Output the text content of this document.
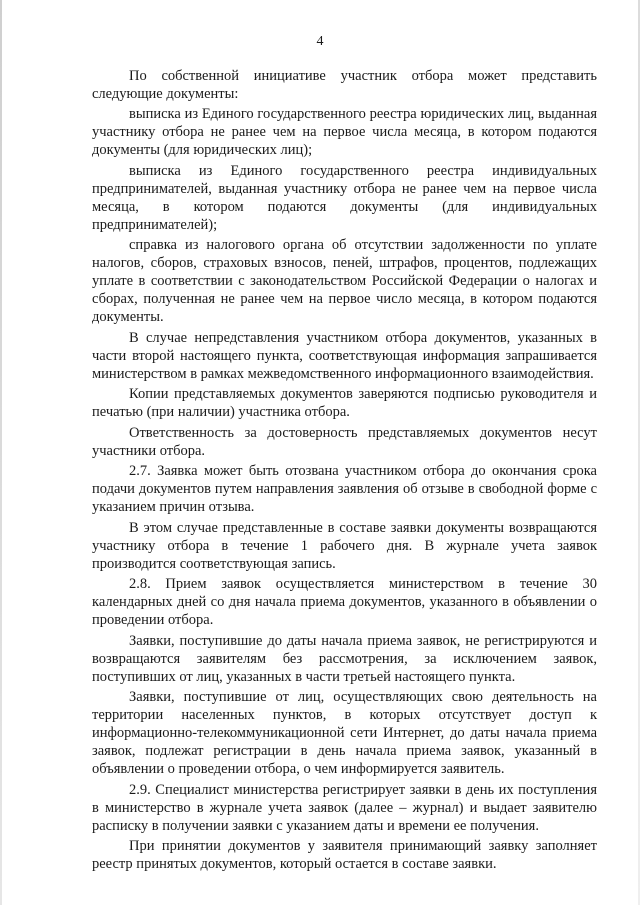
4

По собственной инициативе участник отбора может представить следующие документы:

выписка из Единого государственного реестра юридических лиц, выданная участнику отбора не ранее чем на первое числа месяца, в котором подаются документы (для юридических лиц);

выписка из Единого государственного реестра индивидуальных предпринимателей, выданная участнику отбора не ранее чем на первое числа месяца, в котором подаются документы (для индивидуальных предпринимателей);

справка из налогового органа об отсутствии задолженности по уплате налогов, сборов, страховых взносов, пеней, штрафов, процентов, подлежащих уплате в соответствии с законодательством Российской Федерации о налогах и сборах, полученная не ранее чем на первое число месяца, в котором подаются документы.

В случае непредставления участником отбора документов, указанных в части второй настоящего пункта, соответствующая информация запрашивается министерством в рамках межведомственного информационного взаимодействия.

Копии представляемых документов заверяются подписью руководителя и печатью (при наличии) участника отбора.

Ответственность за достоверность представляемых документов несут участники отбора.

2.7. Заявка может быть отозвана участником отбора до окончания срока подачи документов путем направления заявления об отзыве в свободной форме с указанием причин отзыва.

В этом случае представленные в составе заявки документы возвращаются участнику отбора в течение 1 рабочего дня. В журнале учета заявок производится соответствующая запись.

2.8. Прием заявок осуществляется министерством в течение 30 календарных дней со дня начала приема документов, указанного в объявлении о проведении отбора.

Заявки, поступившие до даты начала приема заявок, не регистрируются и возвращаются заявителям без рассмотрения, за исключением заявок, поступивших от лиц, указанных в части третьей настоящего пункта.

Заявки, поступившие от лиц, осуществляющих свою деятельность на территории населенных пунктов, в которых отсутствует доступ к информационно-телекоммуникационной сети Интернет, до даты начала приема заявок, подлежат регистрации в день начала приема заявок, указанный в объявлении о проведении отбора, о чем информируется заявитель.

2.9. Специалист министерства регистрирует заявки в день их поступления в министерство в журнале учета заявок (далее – журнал) и выдает заявителю расписку в получении заявки с указанием даты и времени ее получения.

При принятии документов у заявителя принимающий заявку заполняет реестр принятых документов, который остается в составе заявки.
